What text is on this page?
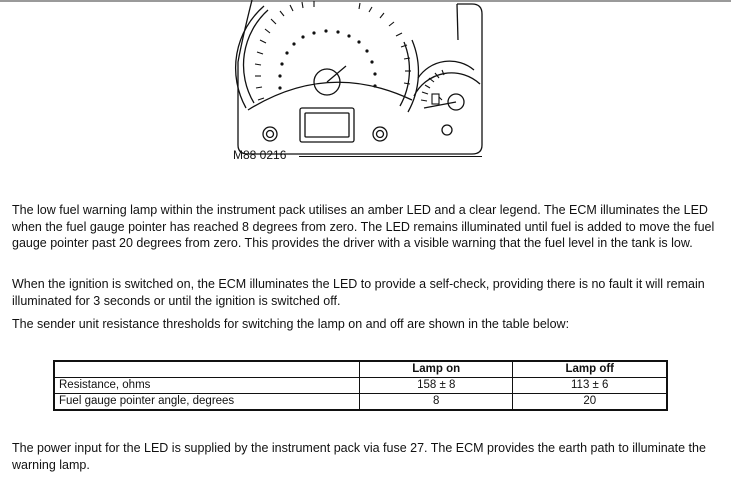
M88 0216

The low fuel warning lamp within the instrument pack utilises an amber LED and a clear legend. The ECM illuminates the LED when the fuel gauge pointer has reached 8 degrees from zero. The LED remains illuminated until fuel is added to move the fuel gauge pointer past 20 degrees from zero. This provides the driver with a visible warning that the fuel level in the tank is low.

When the ignition is switched on, the ECM illuminates the LED to provide a self-check, providing there is no fault it will remain illuminated for 3 seconds or until the ignition is switched off.

The sender unit resistance thresholds for switching the lamp on and off are shown in the table below:

	Lamp on	Lamp off
Resistance, ohms	158 ± 8	113 ± 6
Fuel gauge pointer angle, degrees	8	20

The power input for the LED is supplied by the instrument pack via fuse 27. The ECM provides the earth path to illuminate the warning lamp.
